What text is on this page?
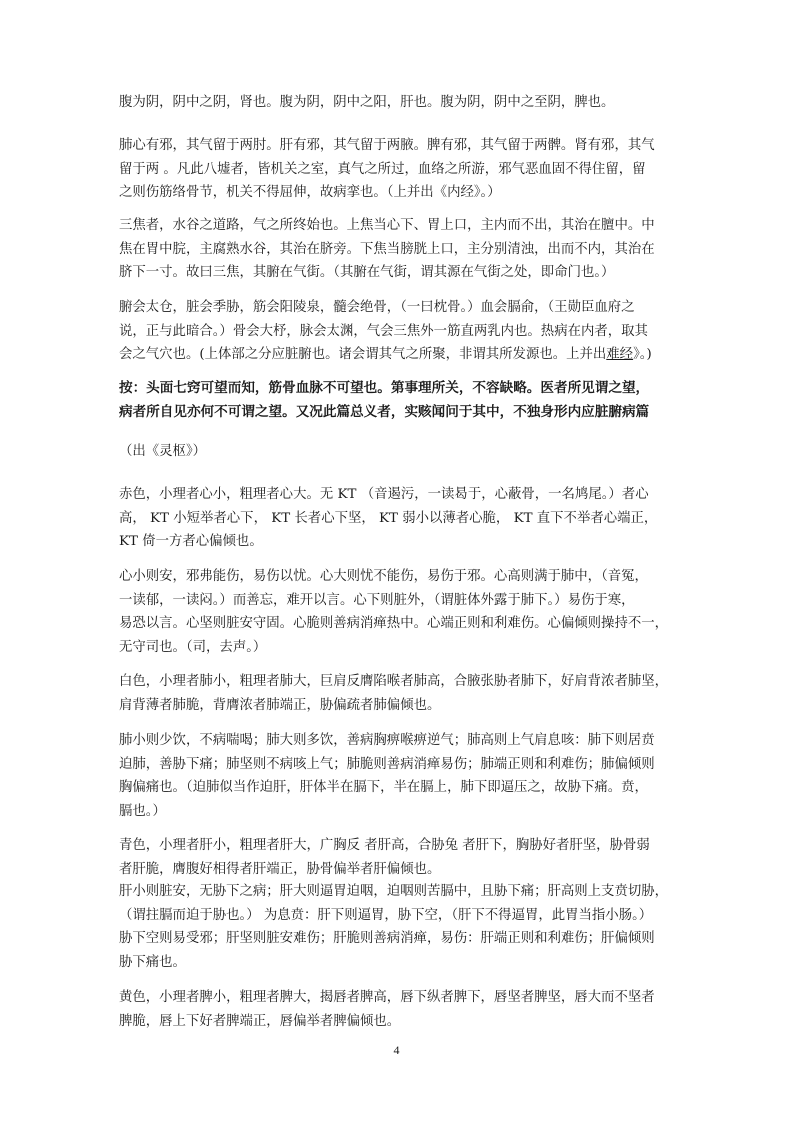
腹为阴，阴中之阴，肾也。腹为阴，阴中之阳，肝也。腹为阴，阴中之至阴，脾也。
肺心有邪，其气留于两肘。肝有邪，其气留于两腋。脾有邪，其气留于两髀。肾有邪，其气
留于两 。凡此八墟者，皆机关之室，真气之所过，血络之所游，邪气恶血固不得住留，留
之则伤筋络骨节，机关不得屈伸，故病挛也。（上并出《内经》。）
三焦者，水谷之道路，气之所终始也。上焦当心下、胃上口，主内而不出，其治在膻中。中
焦在胃中脘，主腐熟水谷，其治在脐旁。下焦当膀胱上口，主分别清浊，出而不内，其治在
脐下一寸。故曰三焦，其腑在气街。（其腑在气街，谓其源在气街之处，即命门也。）
腑会太仓，脏会季胁，筋会阳陵泉，髓会绝骨，（一曰枕骨。）血会膈俞，（王勋臣血府之
说，正与此暗合。）骨会大杼，脉会太渊，气会三焦外一筋直两乳内也。热病在内者，取其
会之气穴也。(上体部之分应脏腑也。诸会谓其气之所聚，非谓其所发源也。上并出难经》。)
按：头面七窍可望而知，筋骨血脉不可望也。第事理所关，不容缺略。医者所见谓之望，
病者所自见亦何不可谓之望。又况此篇总义者，实赅闻问于其中，不独身形内应脏腑病篇
（出《灵枢》）
赤色，小理者心小，粗理者心大。无 KT （音遏污，一读曷于，心蔽骨，一名鸠尾。）者心
高， KT 小短举者心下， KT 长者心下坚， KT 弱小以薄者心脆， KT 直下不举者心端正，
KT 倚一方者心偏倾也。
心小则安，邪弗能伤，易伤以忧。心大则忧不能伤，易伤于邪。心高则满于肺中，（音冤，
一读郁，一读闷。）而善忘，难开以言。心下则脏外，（谓脏体外露于肺下。）易伤于寒，
易恐以言。心坚则脏安守固。心脆则善病消瘅热中。心端正则和利难伤。心偏倾则操持不一，
无守司也。（司，去声。）
白色，小理者肺小，粗理者肺大，巨肩反膺陷喉者肺高，合腋张胁者肺下，好肩背浓者肺坚，
肩背薄者肺脆，背膺浓者肺端正，胁偏疏者肺偏倾也。
肺小则少饮，不病喘喝；肺大则多饮，善病胸痹喉痹逆气；肺高则上气肩息咳：肺下则居贲
迫肺，善胁下痛；肺坚则不病咳上气；肺脆则善病消瘅易伤；肺端正则和利难伤；肺偏倾则
胸偏痛也。（迫肺似当作迫肝，肝体半在膈下，半在膈上，肺下即逼压之，故胁下痛。贲，
膈也。）
青色，小理者肝小，粗理者肝大，广胸反 者肝高，合胁兔 者肝下，胸胁好者肝坚，胁骨弱
者肝脆，膺腹好相得者肝端正，胁骨偏举者肝偏倾也。
肝小则脏安，无胁下之病；肝大则逼胃迫咽，迫咽则苦膈中，且胁下痛；肝高则上支贲切胁，
（谓拄膈而迫于胁也。） 为息贲：肝下则逼胃，胁下空，（肝下不得逼胃，此胃当指小肠。）
胁下空则易受邪；肝坚则脏安难伤；肝脆则善病消瘅，易伤：肝端正则和利难伤；肝偏倾则
胁下痛也。
黄色，小理者脾小，粗理者脾大，揭唇者脾高，唇下纵者脾下，唇坚者脾坚，唇大而不坚者
脾脆，唇上下好者脾端正，唇偏举者脾偏倾也。
4
